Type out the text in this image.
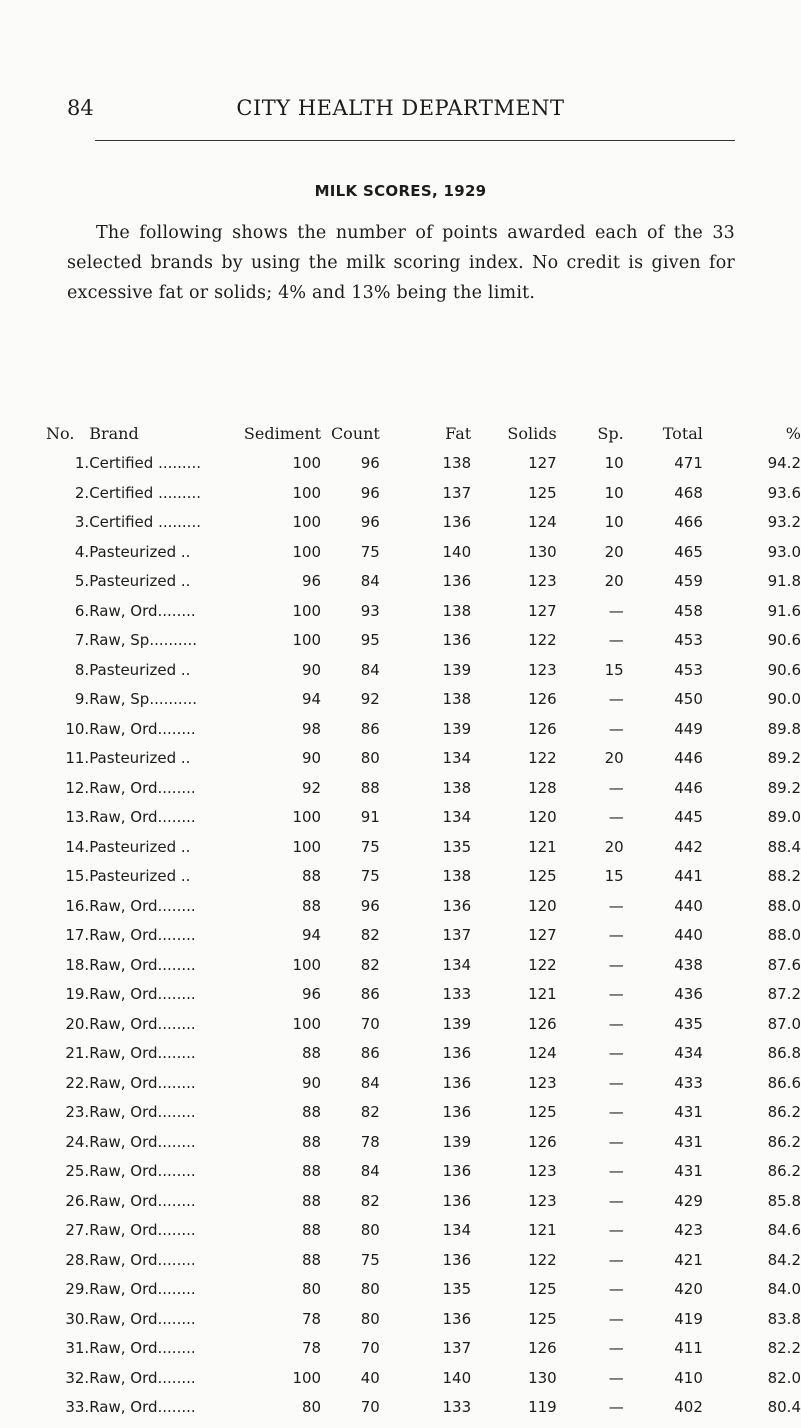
84	CITY HEALTH DEPARTMENT
MILK SCORES, 1929

The following shows the number of points awarded each of the 33 selected brands by using the milk scoring index. No credit is given for excessive fat or solids; 4% and 13% being the limit.

No.	Brand	Sediment	Count	Fat	Solids	Sp.	Total	%
1.	Certified .........	100	96	138	127	10	471	94.2
2.	Certified .........	100	96	137	125	10	468	93.6
3.	Certified .........	100	96	136	124	10	466	93.2
4.	Pasteurized ..	100	75	140	130	20	465	93.0
5.	Pasteurized ..	96	84	136	123	20	459	91.8
6.	Raw, Ord........	100	93	138	127	—	458	91.6
7.	Raw, Sp..........	100	95	136	122	—	453	90.6
8.	Pasteurized ..	90	84	139	123	15	453	90.6
9.	Raw, Sp..........	94	92	138	126	—	450	90.0
10.	Raw, Ord........	98	86	139	126	—	449	89.8
11.	Pasteurized ..	90	80	134	122	20	446	89.2
12.	Raw, Ord........	92	88	138	128	—	446	89.2
13.	Raw, Ord........	100	91	134	120	—	445	89.0
14.	Pasteurized ..	100	75	135	121	20	442	88.4
15.	Pasteurized ..	88	75	138	125	15	441	88.2
16.	Raw, Ord........	88	96	136	120	—	440	88.0
17.	Raw, Ord........	94	82	137	127	—	440	88.0
18.	Raw, Ord........	100	82	134	122	—	438	87.6
19.	Raw, Ord........	96	86	133	121	—	436	87.2
20.	Raw, Ord........	100	70	139	126	—	435	87.0
21.	Raw, Ord........	88	86	136	124	—	434	86.8
22.	Raw, Ord........	90	84	136	123	—	433	86.6
23.	Raw, Ord........	88	82	136	125	—	431	86.2
24.	Raw, Ord........	88	78	139	126	—	431	86.2
25.	Raw, Ord........	88	84	136	123	—	431	86.2
26.	Raw, Ord........	88	82	136	123	—	429	85.8
27.	Raw, Ord........	88	80	134	121	—	423	84.6
28.	Raw, Ord........	88	75	136	122	—	421	84.2
29.	Raw, Ord........	80	80	135	125	—	420	84.0
30.	Raw, Ord........	78	80	136	125	—	419	83.8
31.	Raw, Ord........	78	70	137	126	—	411	82.2
32.	Raw, Ord........	100	40	140	130	—	410	82.0
33.	Raw, Ord........	80	70	133	119	—	402	80.4
